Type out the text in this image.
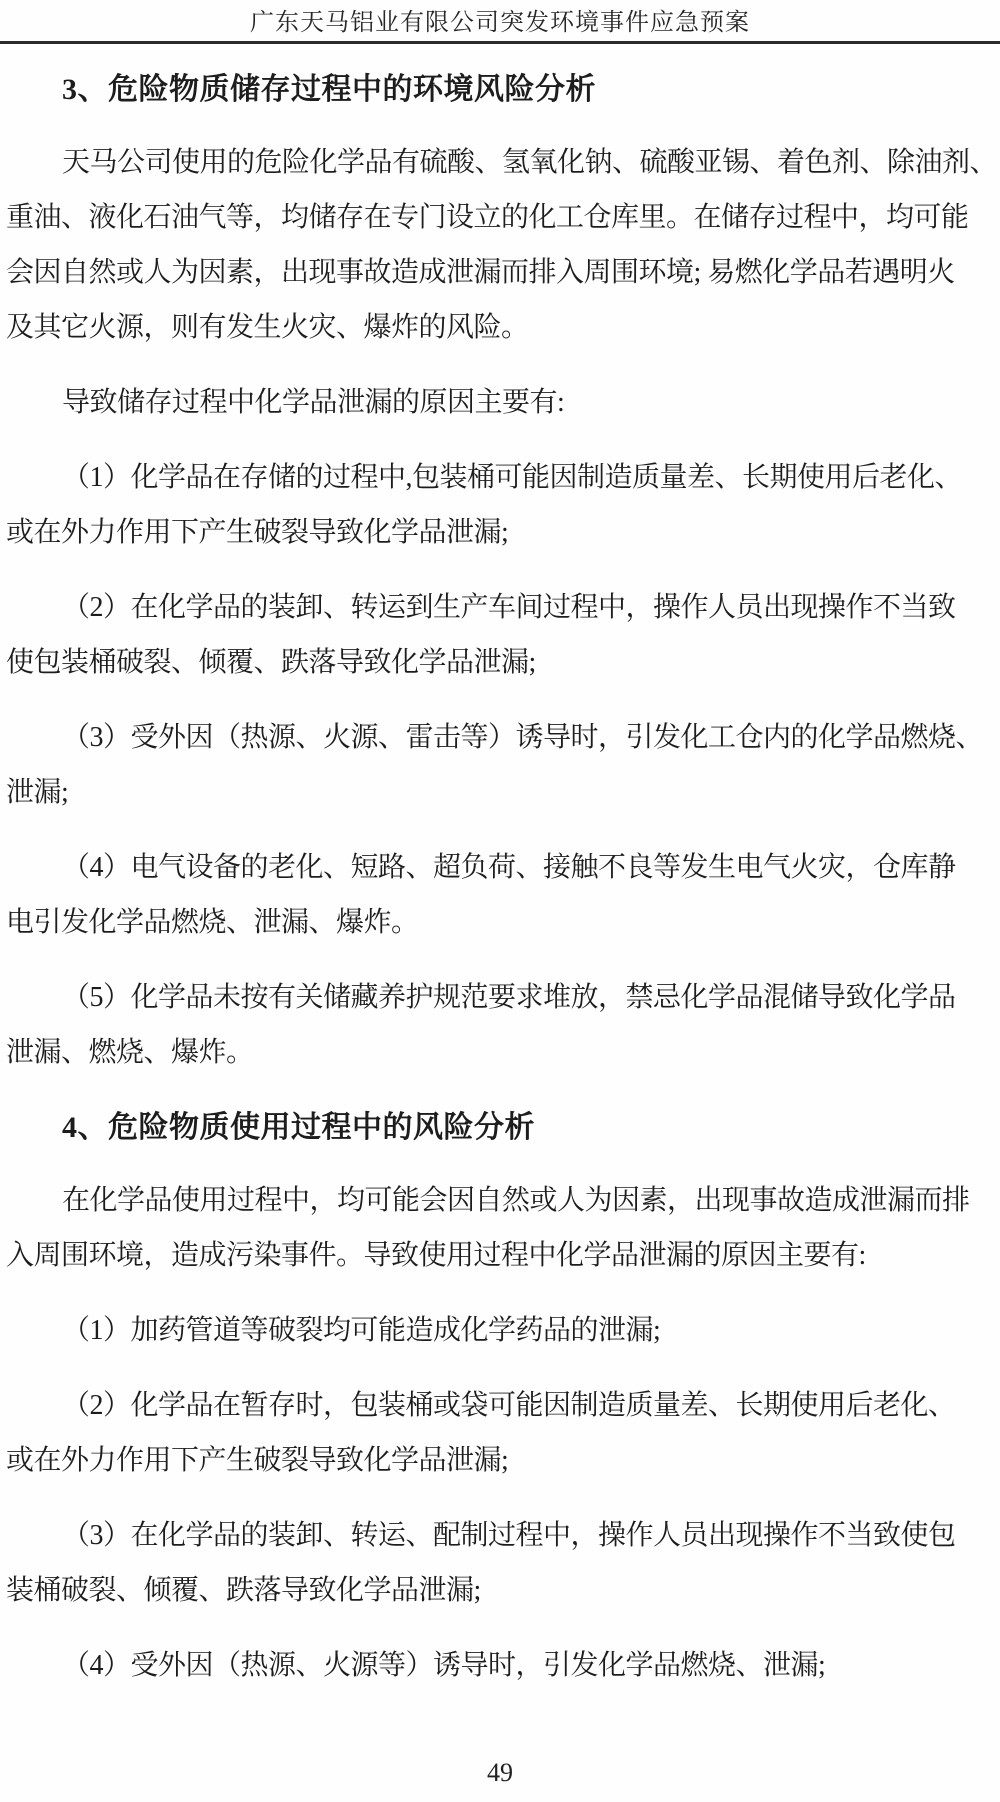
广东天马铝业有限公司突发环境事件应急预案
3、危险物质储存过程中的环境风险分析
天马公司使用的危险化学品有硫酸、氢氧化钠、硫酸亚锡、着色剂、除油剂、
重油、液化石油气等，均储存在专门设立的化工仓库里。在储存过程中，均可能
会因自然或人为因素，出现事故造成泄漏而排入周围环境; 易燃化学品若遇明火
及其它火源，则有发生火灾、爆炸的风险。
导致储存过程中化学品泄漏的原因主要有:
（1）化学品在存储的过程中,包装桶可能因制造质量差、长期使用后老化、
或在外力作用下产生破裂导致化学品泄漏;
（2）在化学品的装卸、转运到生产车间过程中，操作人员出现操作不当致
使包装桶破裂、倾覆、跌落导致化学品泄漏;
（3）受外因（热源、火源、雷击等）诱导时，引发化工仓内的化学品燃烧、
泄漏;
（4）电气设备的老化、短路、超负荷、接触不良等发生电气火灾，仓库静
电引发化学品燃烧、泄漏、爆炸。
（5）化学品未按有关储藏养护规范要求堆放，禁忌化学品混储导致化学品
泄漏、燃烧、爆炸。
4、危险物质使用过程中的风险分析
在化学品使用过程中，均可能会因自然或人为因素，出现事故造成泄漏而排
入周围环境，造成污染事件。导致使用过程中化学品泄漏的原因主要有:
（1）加药管道等破裂均可能造成化学药品的泄漏;
（2）化学品在暂存时，包装桶或袋可能因制造质量差、长期使用后老化、
或在外力作用下产生破裂导致化学品泄漏;
（3）在化学品的装卸、转运、配制过程中，操作人员出现操作不当致使包
装桶破裂、倾覆、跌落导致化学品泄漏;
（4）受外因（热源、火源等）诱导时，引发化学品燃烧、泄漏;
49
